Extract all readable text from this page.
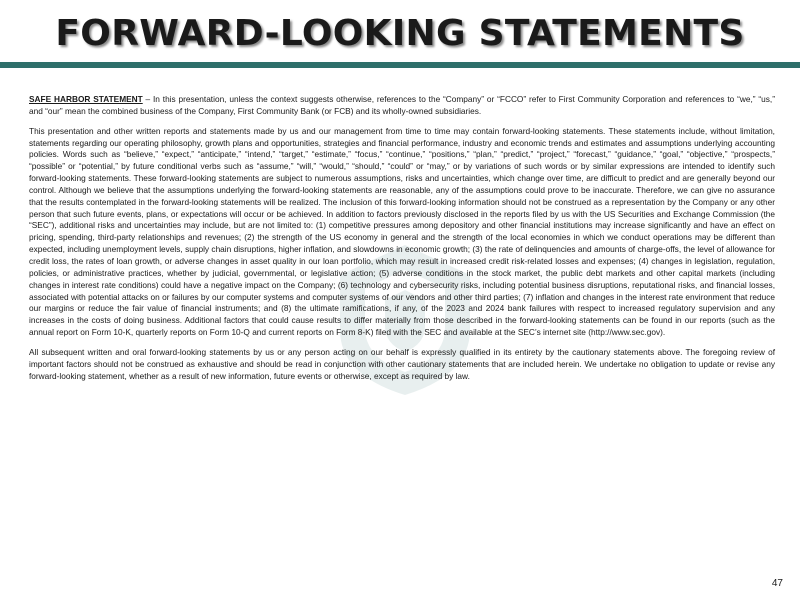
FORWARD-LOOKING STATEMENTS

SAFE HARBOR STATEMENT – In this presentation, unless the context suggests otherwise, references to the “Company” or “FCCO” refer to First Community Corporation and references to “we,” “us,” and “our” mean the combined business of the Company, First Community Bank (or FCB) and its wholly-owned subsidiaries.

This presentation and other written reports and statements made by us and our management from time to time may contain forward-looking statements. These statements include, without limitation, statements regarding our operating philosophy, growth plans and opportunities, strategies and financial performance, industry and economic trends and estimates and assumptions underlying accounting policies. Words such as “believe,” “expect,” “anticipate,” “intend,” “target,” “estimate,” “focus,” “continue,” “positions,” “plan,” “predict,” “project,” “forecast,” “guidance,” “goal,” “objective,” “prospects,” “possible” or “potential,” by future conditional verbs such as “assume,” “will,” “would,” “should,” “could” or “may,” or by variations of such words or by similar expressions are intended to identify such forward-looking statements. These forward-looking statements are subject to numerous assumptions, risks and uncertainties, which change over time, are difficult to predict and are generally beyond our control. Although we believe that the assumptions underlying the forward-looking statements are reasonable, any of the assumptions could prove to be inaccurate. Therefore, we can give no assurance that the results contemplated in the forward-looking statements will be realized. The inclusion of this forward-looking information should not be construed as a representation by the Company or any other person that such future events, plans, or expectations will occur or be achieved. In addition to factors previously disclosed in the reports filed by us with the US Securities and Exchange Commission (the “SEC”), additional risks and uncertainties may include, but are not limited to: (1) competitive pressures among depository and other financial institutions may increase significantly and have an effect on pricing, spending, third-party relationships and revenues; (2) the strength of the US economy in general and the strength of the local economies in which we conduct operations may be different than expected, including unemployment levels, supply chain disruptions, higher inflation, and slowdowns in economic growth; (3) the rate of delinquencies and amounts of charge-offs, the level of allowance for credit loss, the rates of loan growth, or adverse changes in asset quality in our loan portfolio, which may result in increased credit risk-related losses and expenses; (4) changes in legislation, regulation, policies, or administrative practices, whether by judicial, governmental, or legislative action; (5) adverse conditions in the stock market, the public debt markets and other capital markets (including changes in interest rate conditions) could have a negative impact on the Company; (6) technology and cybersecurity risks, including potential business disruptions, reputational risks, and financial losses, associated with potential attacks on or failures by our computer systems and computer systems of our vendors and other third parties; (7) inflation and changes in the interest rate environment that reduce our margins or reduce the fair value of financial instruments; and (8) the ultimate ramifications, if any, of the 2023 and 2024 bank failures with respect to increased regulatory supervision and any increases in the costs of doing business. Additional factors that could cause results to differ materially from those described in the forward-looking statements can be found in our reports (such as the annual report on Form 10-K, quarterly reports on Form 10-Q and current reports on Form 8-K) filed with the SEC and available at the SEC’s internet site (http://www.sec.gov).

All subsequent written and oral forward-looking statements by us or any person acting on our behalf is expressly qualified in its entirety by the cautionary statements above. The foregoing review of important factors should not be construed as exhaustive and should be read in conjunction with other cautionary statements that are included herein. We undertake no obligation to update or revise any forward-looking statement, whether as a result of new information, future events or otherwise, except as required by law.

47
